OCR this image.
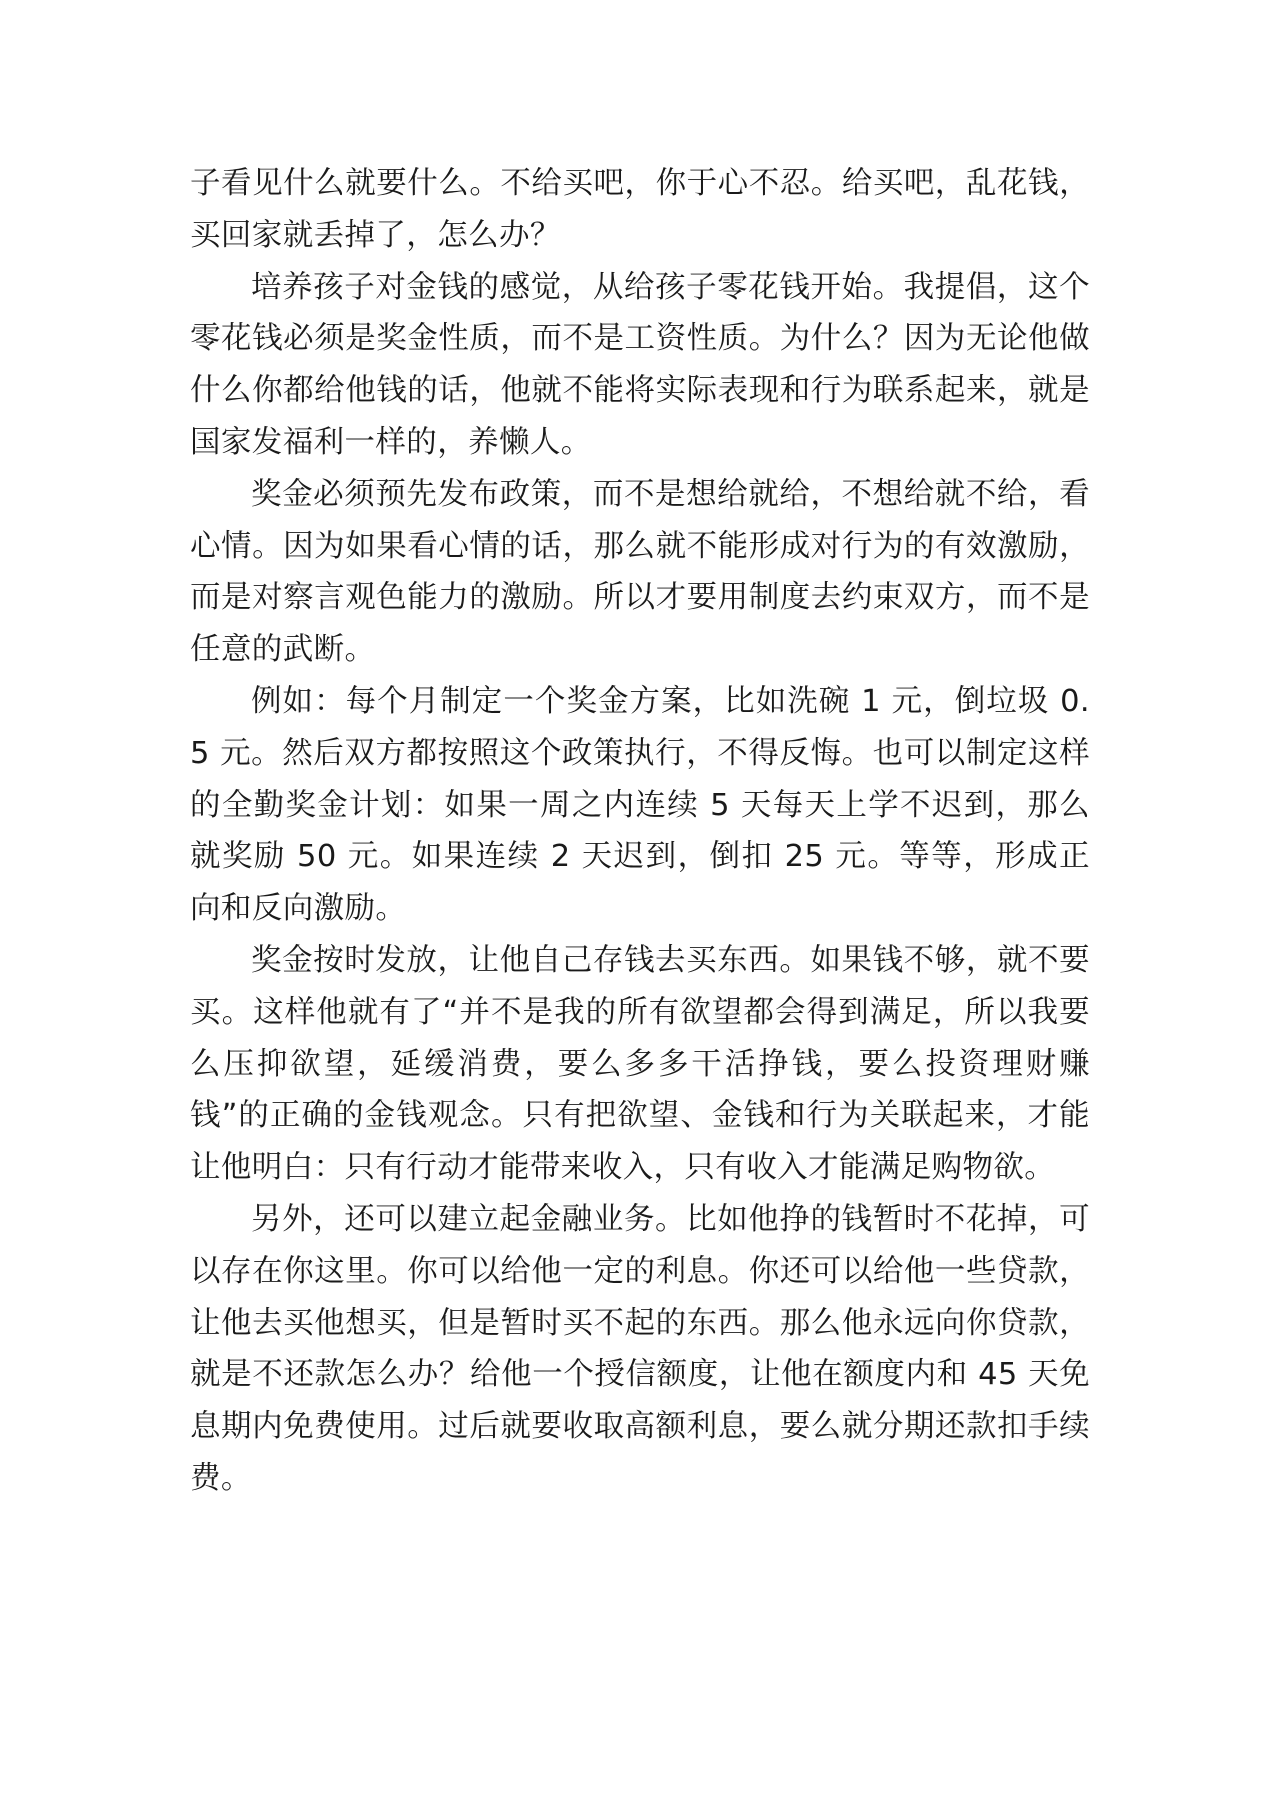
子看见什么就要什么。不给买吧，你于心不忍。给买吧，乱花钱，买回家就丢掉了，怎么办？

培养孩子对金钱的感觉，从给孩子零花钱开始。我提倡，这个零花钱必须是奖金性质，而不是工资性质。为什么？因为无论他做什么你都给他钱的话，他就不能将实际表现和行为联系起来，就是国家发福利一样的，养懒人。

奖金必须预先发布政策，而不是想给就给，不想给就不给，看心情。因为如果看心情的话，那么就不能形成对行为的有效激励，而是对察言观色能力的激励。所以才要用制度去约束双方，而不是任意的武断。

例如：每个月制定一个奖金方案，比如洗碗 1 元，倒垃圾 0.5 元。然后双方都按照这个政策执行，不得反悔。也可以制定这样的全勤奖金计划：如果一周之内连续 5 天每天上学不迟到，那么就奖励 50 元。如果连续 2 天迟到，倒扣 25 元。等等，形成正向和反向激励。

奖金按时发放，让他自己存钱去买东西。如果钱不够，就不要买。这样他就有了“并不是我的所有欲望都会得到满足，所以我要么压抑欲望，延缓消费，要么多多干活挣钱，要么投资理财赚钱”的正确的金钱观念。只有把欲望、金钱和行为关联起来，才能让他明白：只有行动才能带来收入，只有收入才能满足购物欲。

另外，还可以建立起金融业务。比如他挣的钱暂时不花掉，可以存在你这里。你可以给他一定的利息。你还可以给他一些贷款，让他去买他想买，但是暂时买不起的东西。那么他永远向你贷款，就是不还款怎么办？给他一个授信额度，让他在额度内和 45 天免息期内免费使用。过后就要收取高额利息，要么就分期还款扣手续费。
